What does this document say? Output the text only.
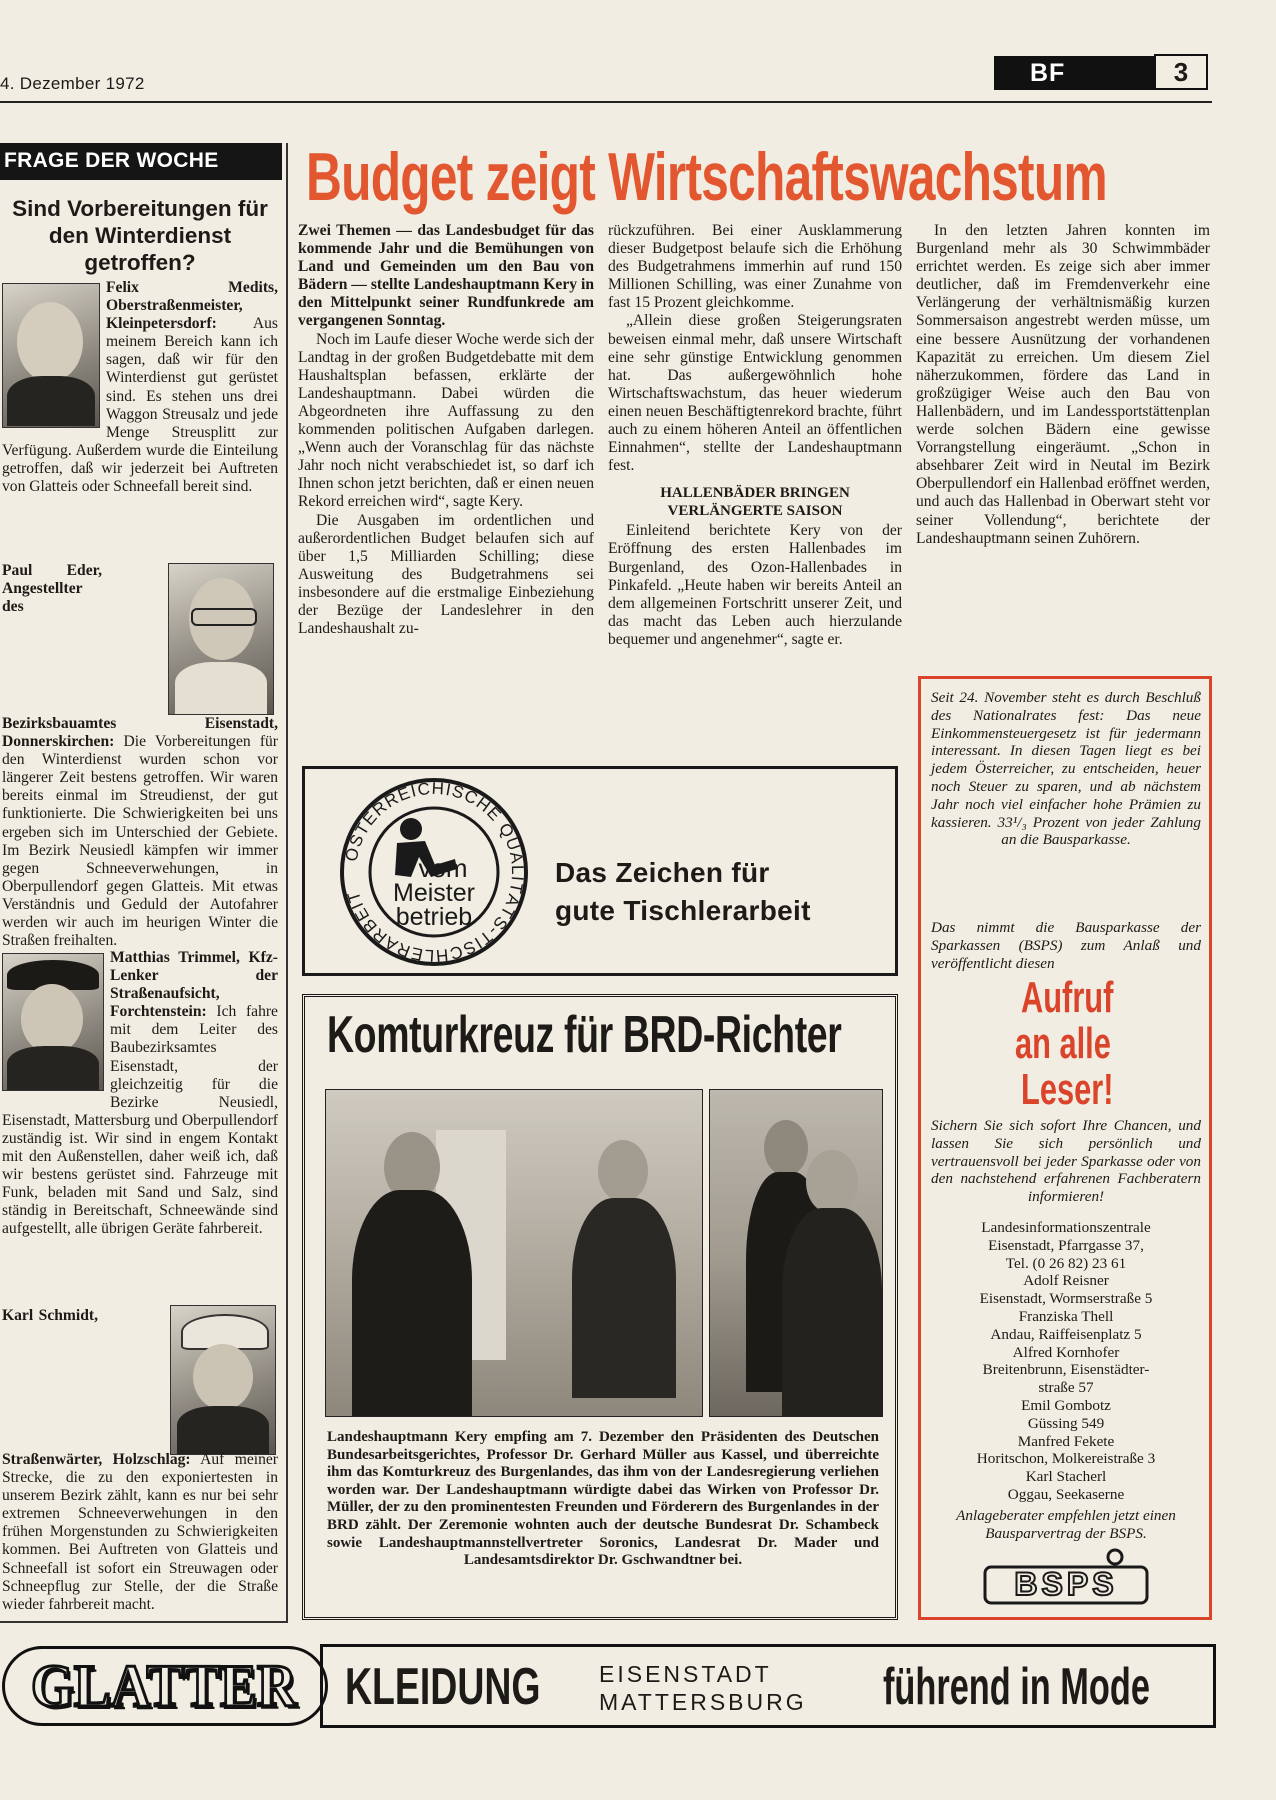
4. Dezember 1972	BF	3
FRAGE DER WOCHE
Sind Vorbereitungen für den Winterdienst getroffen?
Felix Medits, Oberstraßenmeister, Kleinpetersdorf: Aus meinem Bereich kann ich sagen, daß wir für den Winterdienst gut gerüstet sind. Es stehen uns drei Waggon Streusalz und jede Menge Streusplitt zur Verfügung. Außerdem wurde die Einteilung getroffen, daß wir jederzeit bei Auftreten von Glatteis oder Schneefall bereit sind.
Paul Eder, Angestellter des Bezirksbauamtes Eisenstadt, Donnerskirchen: Die Vorbereitungen für den Winterdienst wurden schon vor längerer Zeit bestens getroffen. Wir waren bereits einmal im Streudienst, der gut funktionierte. Die Schwierigkeiten bei uns ergeben sich im Unterschied der Gebiete. Im Bezirk Neusiedl kämpfen wir immer gegen Schneeverwehungen, in Oberpullendorf gegen Glatteis. Mit etwas Verständnis und Geduld der Autofahrer werden wir auch im heurigen Winter die Straßen freihalten.
Matthias Trimmel, Kfz-Lenker der Straßenaufsicht, Forchtenstein: Ich fahre mit dem Leiter des Baubezirksamtes Eisenstadt, der gleichzeitig für die Bezirke Neusiedl, Eisenstadt, Mattersburg und Oberpullendorf zuständig ist. Wir sind in engem Kontakt mit den Außenstellen, daher weiß ich, daß wir bestens gerüstet sind. Fahrzeuge mit Funk, beladen mit Sand und Salz, sind ständig in Bereitschaft, Schneewände sind aufgestellt, alle übrigen Geräte fahrbereit.
Karl Schmidt, Straßenwärter, Holzschlag: Auf meiner Strecke, die zu den exponiertesten in unserem Bezirk zählt, kann es nur bei sehr extremen Schneeverwehungen in den frühen Morgenstunden zu Schwierigkeiten kommen. Bei Auftreten von Glatteis und Schneefall ist sofort ein Streuwagen oder Schneepflug zur Stelle, der die Straße wieder fahrbereit macht.
Budget zeigt Wirtschaftswachstum

Zwei Themen — das Landesbudget für das kommende Jahr und die Bemühungen von Land und Gemeinden um den Bau von Bädern — stellte Landeshauptmann Kery in den Mittelpunkt seiner Rundfunkrede am vergangenen Sonntag.

Noch im Laufe dieser Woche werde sich der Landtag in der großen Budgetdebatte mit dem Haushaltsplan befassen, erklärte der Landeshauptmann. Dabei würden die Abgeordneten ihre Auffassung zu den kommenden politischen Aufgaben darlegen. „Wenn auch der Voranschlag für das nächste Jahr noch nicht verabschiedet ist, so darf ich Ihnen schon jetzt berichten, daß er einen neuen Rekord erreichen wird“, sagte Kery.

Die Ausgaben im ordentlichen und außerordentlichen Budget belaufen sich auf über 1,5 Milliarden Schilling; diese Ausweitung des Budgetrahmens sei insbesondere auf die erstmalige Einbeziehung der Bezüge der Landeslehrer in den Landeshaushalt zu-

rückzuführen. Bei einer Ausklammerung dieser Budgetpost belaufe sich die Erhöhung des Budgetrahmens immerhin auf rund 150 Millionen Schilling, was einer Zunahme von fast 15 Prozent gleichkomme.

„Allein diese großen Steigerungsraten beweisen einmal mehr, daß unsere Wirtschaft eine sehr günstige Entwicklung genommen hat. Das außergewöhnlich hohe Wirtschaftswachstum, das heuer wiederum einen neuen Beschäftigtenrekord brachte, führt auch zu einem höheren Anteil an öffentlichen Einnahmen“, stellte der Landeshauptmann fest.

HALLENBÄDER BRINGEN VERLÄNGERTE SAISON

Einleitend berichtete Kery von der Eröffnung des ersten Hallenbades im Burgenland, des Ozon-Hallenbades in Pinkafeld. „Heute haben wir bereits Anteil an dem allgemeinen Fortschritt unserer Zeit, und das macht das Leben auch hierzulande bequemer und angenehmer“, sagte er.

In den letzten Jahren konnten im Burgenland mehr als 30 Schwimmbäder errichtet werden. Es zeige sich aber immer deutlicher, daß im Fremdenverkehr eine Verlängerung der verhältnismäßig kurzen Sommersaison angestrebt werden müsse, um eine bessere Ausnützung der vorhandenen Kapazität zu erreichen. Um diesem Ziel näherzukommen, fördere das Land in großzügiger Weise auch den Bau von Hallenbädern, und im Landessportstättenplan werde solchen Bädern eine gewisse Vorrangstellung eingeräumt. „Schon in absehbarer Zeit wird in Neutal im Bezirk Oberpullendorf ein Hallenbad eröffnet werden, und auch das Hallenbad in Oberwart steht vor seiner Vollendung“, berichtete der Landeshauptmann seinen Zuhörern.

ÖSTERREICHISCHE QUALITÄTS-TISCHLERARBEIT
vom
Meister
betrieb
Das Zeichen für
gute Tischlerarbeit
Komturkreuz für BRD-Richter
Landeshauptmann Kery empfing am 7. Dezember den Präsidenten des Deutschen Bundesarbeitsgerichtes, Professor Dr. Gerhard Müller aus Kassel, und überreichte ihm das Komturkreuz des Burgenlandes, das ihm von der Landesregierung verliehen worden war. Der Landeshauptmann würdigte dabei das Wirken von Professor Dr. Müller, der zu den prominentesten Freunden und Förderern des Burgenlandes in der BRD zählt. Der Zeremonie wohnten auch der deutsche Bundesrat Dr. Schambeck sowie Landeshauptmannstellvertreter Soronics, Landesrat Dr. Mader und Landesamtsdirektor Dr. Gschwandtner bei.
Seit 24. November steht es durch Beschluß des Nationalrates fest: Das neue Einkommensteuergesetz ist für jedermann interessant. In diesen Tagen liegt es bei jedem Österreicher, zu entscheiden, heuer noch Steuer zu sparen, und ab nächstem Jahr noch viel einfacher hohe Prämien zu kassieren. 33¹/₃ Prozent von jeder Zahlung an die Bausparkasse.
Das nimmt die Bausparkasse der Sparkassen (BSPS) zum Anlaß und veröffentlicht diesen
Aufruf
an alle
Leser!
Sichern Sie sich sofort Ihre Chancen, und lassen Sie sich persönlich und vertrauensvoll bei jeder Sparkasse oder von den nachstehend erfahrenen Fachberatern informieren!
Landesinformationszentrale
Eisenstadt, Pfarrgasse 37,
Tel. (0 26 82) 23 61
Adolf Reisner
Eisenstadt, Wormserstraße 5
Franziska Thell
Andau, Raiffeisenplatz 5
Alfred Kornhofer
Breitenbrunn, Eisenstädter-
straße 57
Emil Gombotz
Güssing 549
Manfred Fekete
Horitschon, Molkereistraße 3
Karl Stacherl
Oggau, Seekaserne
Anlageberater empfehlen jetzt einen Bausparvertrag der BSPS.
BSPS
GLATTER KLEIDUNG	EISENSTADT
MATTERSBURG führend in Mode
